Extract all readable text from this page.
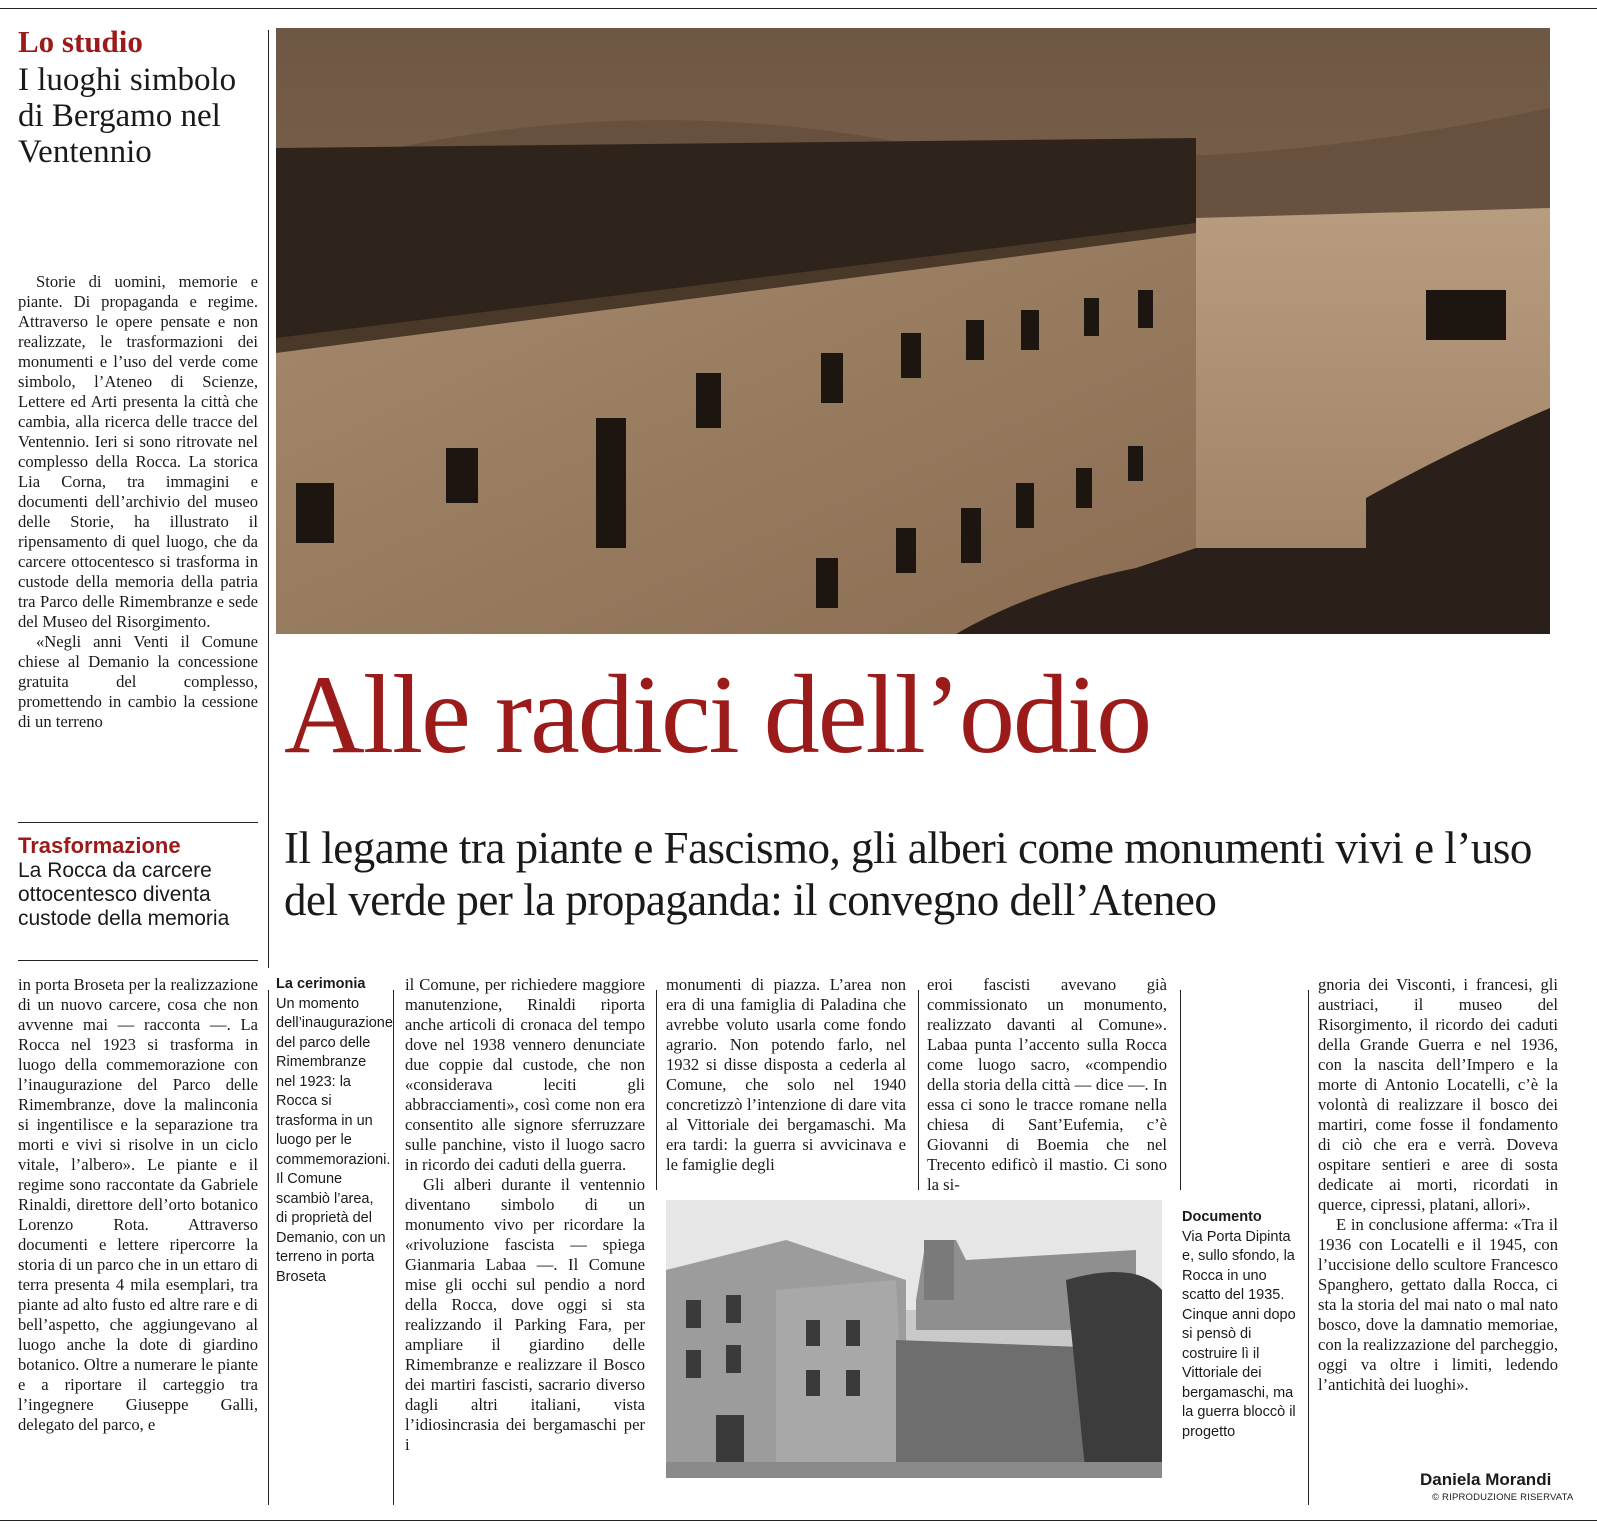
Lo studio
I luoghi simbolo di Bergamo nel Ventennio

Storie di uomini, memorie e piante. Di propaganda e regime. Attraverso le opere pensate e non realizzate, le trasformazioni dei monumenti e l’uso del verde come simbolo, l’Ateneo di Scienze, Lettere ed Arti presenta la città che cambia, alla ricerca delle tracce del Ventennio. Ieri si sono ritrovate nel complesso della Rocca. La storica Lia Corna, tra immagini e documenti dell’archivio del museo delle Storie, ha illustrato il ripensamento di quel luogo, che da carcere ottocentesco si trasforma in custode della memoria della patria tra Parco delle Rimembranze e sede del Museo del Risorgimento.

«Negli anni Venti il Comune chiese al Demanio la concessione gratuita del complesso, promettendo in cambio la cessione di un terreno

Trasformazione
La Rocca da carcere ottocentesco diventa custode della memoria
Alle radici dell’odio
Il legame tra piante e Fascismo, gli alberi come monumenti vivi e l’uso del verde per la propaganda: il convegno dell’Ateneo
La cerimonia
Un momento dell’inaugurazione del parco delle Rimembranze nel 1923: la Rocca si trasforma in un luogo per le commemorazioni. Il Comune scambiò l’area, di proprietà del Demanio, con un terreno in porta Broseta

in porta Broseta per la realizzazione di un nuovo carcere, cosa che non avvenne mai — racconta —. La Rocca nel 1923 si trasforma in luogo della commemorazione con l’inaugurazione del Parco delle Rimembranze, dove la malinconia si ingentilisce e la separazione tra morti e vivi si risolve in un ciclo vitale, l’albero». Le piante e il regime sono raccontate da Gabriele Rinaldi, direttore dell’orto botanico Lorenzo Rota. Attraverso documenti e lettere ripercorre la storia di un parco che in un ettaro di terra presenta 4 mila esemplari, tra piante ad alto fusto ed altre rare e di bell’aspetto, che aggiungevano al luogo anche la dote di giardino botanico. Oltre a numerare le piante e a riportare il carteggio tra l’ingegnere Giuseppe Galli, delegato del parco, e

il Comune, per richiedere maggiore manutenzione, Rinaldi riporta anche articoli di cronaca del tempo dove nel 1938 vennero denunciate due coppie dal custode, che non «considerava leciti gli abbracciamenti», così come non era consentito alle signore sferruzzare sulle panchine, visto il luogo sacro in ricordo dei caduti della guerra.

Gli alberi durante il ventennio diventano simbolo di un monumento vivo per ricordare la «rivoluzione fascista — spiega Gianmaria Labaa —. Il Comune mise gli occhi sul pendio a nord della Rocca, dove oggi si sta realizzando il Parking Fara, per ampliare il giardino delle Rimembranze e realizzare il Bosco dei martiri fascisti, sacrario diverso dagli altri italiani, vista l’idiosincrasia dei bergamaschi per i

monumenti di piazza. L’area non era di una famiglia di Paladina che avrebbe voluto usarla come fondo agrario. Non potendo farlo, nel 1932 si disse disposta a cederla al Comune, che solo nel 1940 concretizzò l’intenzione di dare vita al Vittoriale dei bergamaschi. Ma era tardi: la guerra si avvicinava e le famiglie degli

eroi fascisti avevano già commissionato un monumento, realizzato davanti al Comune». Labaa punta l’accento sulla Rocca come luogo sacro, «compendio della storia della città — dice —. In essa ci sono le tracce romane nella chiesa di Sant’Eufemia, c’è Giovanni di Boemia che nel Trecento edificò il mastio. Ci sono la si-

gnoria dei Visconti, i francesi, gli austriaci, il museo del Risorgimento, il ricordo dei caduti della Grande Guerra e nel 1936, con la nascita dell’Impero e la morte di Antonio Locatelli, c’è la volontà di realizzare il bosco dei martiri, come fosse il fondamento di ciò che era e verrà. Doveva ospitare sentieri e aree di sosta dedicate ai morti, ricordati in querce, cipressi, platani, allori».

E in conclusione afferma: «Tra il 1936 con Locatelli e il 1945, con l’uccisione dello scultore Francesco Spanghero, gettato dalla Rocca, ci sta la storia del mai nato o mal nato bosco, dove la damnatio memoriae, con la realizzazione del parcheggio, oggi va oltre i limiti, ledendo l’antichità dei luoghi».

Documento
Via Porta Dipinta e, sullo sfondo, la Rocca in uno scatto del 1935. Cinque anni dopo si pensò di costruire lì il Vittoriale dei bergamaschi, ma la guerra bloccò il progetto
Daniela Morandi
© RIPRODUZIONE RISERVATA
